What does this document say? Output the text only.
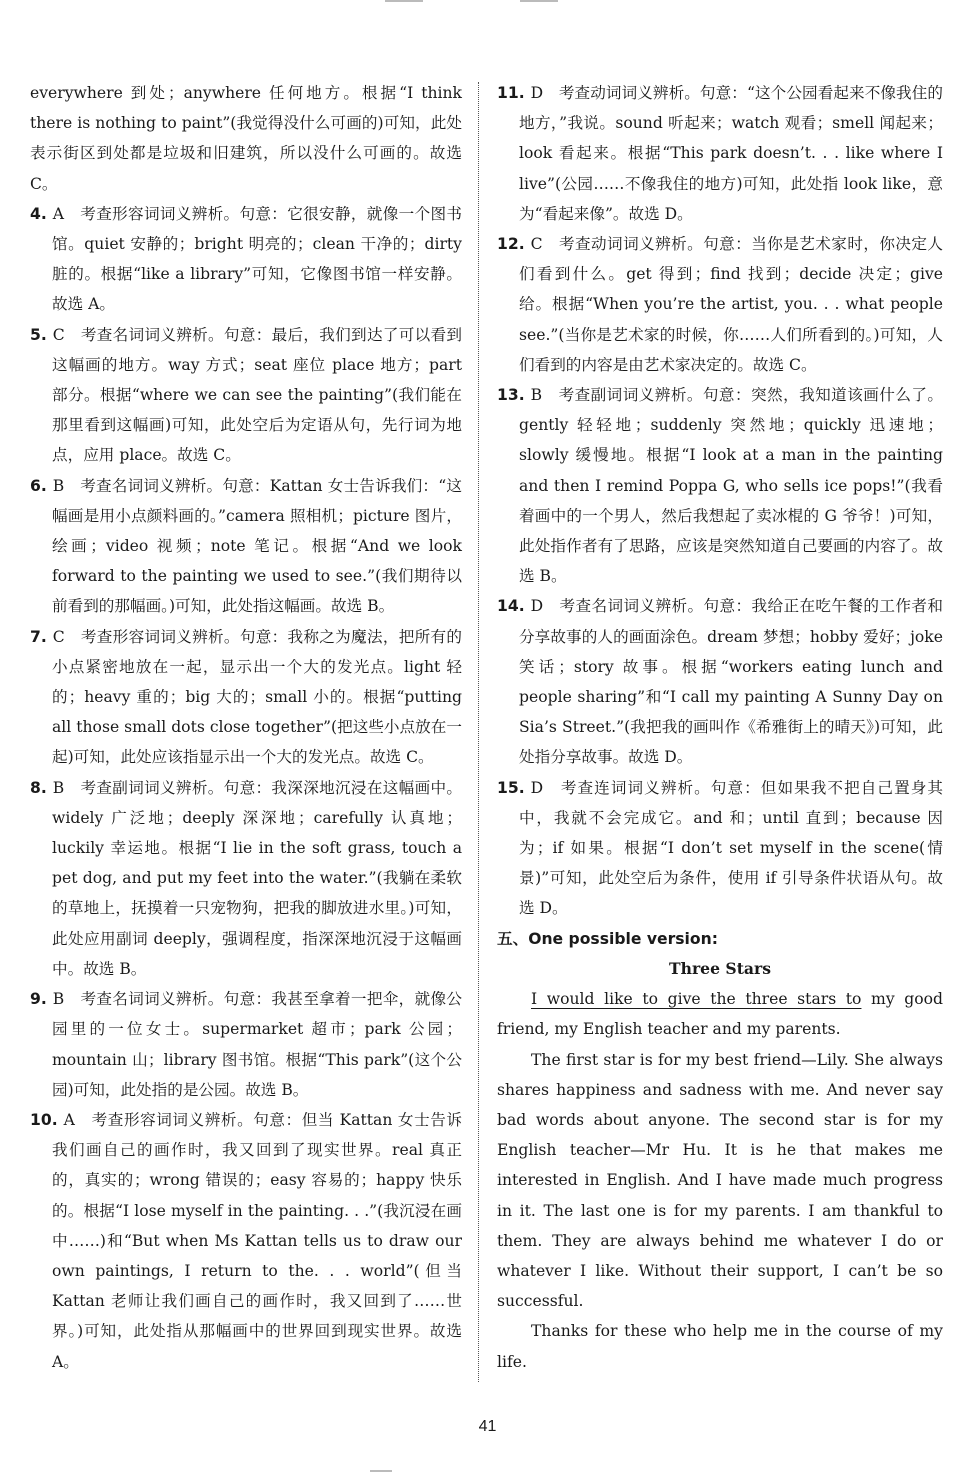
everywhere 到处；anywhere 任何地方。根据“I think there is nothing to paint”(我觉得没什么可画的)可知，此处表示街区到处都是垃圾和旧建筑，所以没什么可画的。故选 C。

4. A　考查形容词词义辨析。句意：它很安静，就像一个图书馆。quiet 安静的；bright 明亮的；clean 干净的；dirty 脏的。根据“like a library”可知，它像图书馆一样安静。故选 A。

5. C　考查名词词义辨析。句意：最后，我们到达了可以看到这幅画的地方。way 方式；seat 座位 place 地方；part 部分。根据“where we can see the painting”(我们能在那里看到这幅画)可知，此处空后为定语从句，先行词为地点，应用 place。故选 C。

6. B　考查名词词义辨析。句意：Kattan 女士告诉我们：“这幅画是用小点颜料画的。”camera 照相机；picture 图片，绘画；video 视频；note 笔记。根据“And we look forward to the painting we used to see.”(我们期待以前看到的那幅画。)可知，此处指这幅画。故选 B。

7. C　考查形容词词义辨析。句意：我称之为魔法，把所有的小点紧密地放在一起，显示出一个大的发光点。light 轻的；heavy 重的；big 大的；small 小的。根据“putting all those small dots close together”(把这些小点放在一起)可知，此处应该指显示出一个大的发光点。故选 C。

8. B　考查副词词义辨析。句意：我深深地沉浸在这幅画中。widely 广泛地；deeply 深深地；carefully 认真地；luckily 幸运地。根据“I lie in the soft grass, touch a pet dog, and put my feet into the water.”(我躺在柔软的草地上，抚摸着一只宠物狗，把我的脚放进水里。)可知，此处应用副词 deeply，强调程度，指深深地沉浸于这幅画中。故选 B。

9. B　考查名词词义辨析。句意：我甚至拿着一把伞，就像公园里的一位女士。supermarket 超市；park 公园；mountain 山；library 图书馆。根据“This park”(这个公园)可知，此处指的是公园。故选 B。

10. A　考查形容词词义辨析。句意：但当 Kattan 女士告诉我们画自己的画作时，我又回到了现实世界。real 真正的，真实的；wrong 错误的；easy 容易的；happy 快乐的。根据“I lose myself in the painting. . .”(我沉浸在画中……)和“But when Ms Kattan tells us to draw our own paintings, I return to the. . . world”(但当 Kattan 老师让我们画自己的画作时，我又回到了……世界。)可知，此处指从那幅画中的世界回到现实世界。故选 A。

11. D　考查动词词义辨析。句意：“这个公园看起来不像我住的地方，”我说。sound 听起来；watch 观看；smell 闻起来；look 看起来。根据“This park doesn’t. . . like where I live”(公园……不像我住的地方)可知，此处指 look like，意为“看起来像”。故选 D。

12. C　考查动词词义辨析。句意：当你是艺术家时，你决定人们看到什么。get 得到；find 找到；decide 决定；give 给。根据“When you’re the artist, you. . . what people see.”(当你是艺术家的时候，你……人们所看到的。)可知，人们看到的内容是由艺术家决定的。故选 C。

13. B　考查副词词义辨析。句意：突然，我知道该画什么了。gently 轻轻地；suddenly 突然地；quickly 迅速地；slowly 缓慢地。根据“I look at a man in the painting and then I remind Poppa G, who sells ice pops!”(我看着画中的一个男人，然后我想起了卖冰棍的 G 爷爷！)可知，此处指作者有了思路，应该是突然知道自己要画的内容了。故选 B。

14. D　考查名词词义辨析。句意：我给正在吃午餐的工作者和分享故事的人的画面涂色。dream 梦想；hobby 爱好；joke 笑话；story 故事。根据“workers eating lunch and people sharing”和“I call my painting A Sunny Day on Sia’s Street.”(我把我的画叫作《希雅街上的晴天》)可知，此处指分享故事。故选 D。

15. D　考查连词词义辨析。句意：但如果我不把自己置身其中，我就不会完成它。and 和；until 直到；because 因为；if 如果。根据“I don’t set myself in the scene(情景)”可知，此处空后为条件，使用 if 引导条件状语从句。故选 D。

五、One possible version:

Three Stars

I would like to give the three stars to my good friend, my English teacher and my parents.

The first star is for my best friend—Lily. She always shares happiness and sadness with me. And never say bad words about anyone. The second star is for my English teacher—Mr Hu. It is he that makes me interested in English. And I have made much progress in it. The last one is for my parents. I am thankful to them. They are always behind me whatever I do or whatever I like. Without their support, I can’t be so successful.

Thanks for these who help me in the course of my life.

41
